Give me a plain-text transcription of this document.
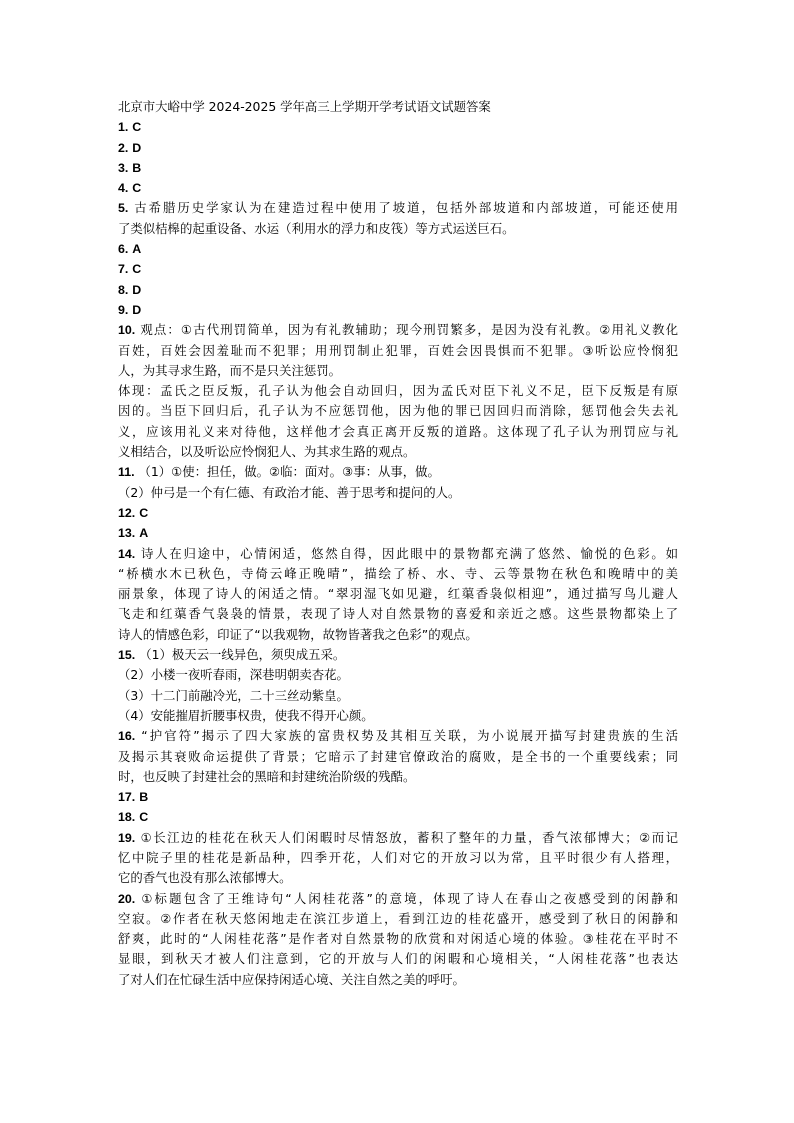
北京市大峪中学 2024-2025 学年高三上学期开学考试语文试题答案
1. C
2. D
3. B
4. C
5. 古希腊历史学家认为在建造过程中使用了坡道，包括外部坡道和内部坡道，可能还使用
了类似桔槔的起重设备、水运（利用水的浮力和皮筏）等方式运送巨石。
6. A
7. C
8. D
9. D
10. 观点：①古代刑罚简单，因为有礼教辅助；现今刑罚繁多，是因为没有礼教。②用礼义教化
百姓，百姓会因羞耻而不犯罪；用刑罚制止犯罪，百姓会因畏惧而不犯罪。③听讼应怜悯犯
人，为其寻求生路，而不是只关注惩罚。
体现：孟氏之臣反叛，孔子认为他会自动回归，因为孟氏对臣下礼义不足，臣下反叛是有原
因的。当臣下回归后，孔子认为不应惩罚他，因为他的罪已因回归而消除，惩罚他会失去礼
义，应该用礼义来对待他，这样他才会真正离开反叛的道路。这体现了孔子认为刑罚应与礼
义相结合，以及听讼应怜悯犯人、为其求生路的观点。
11. （1）①使：担任，做。②临：面对。③事：从事，做。
（2）仲弓是一个有仁德、有政治才能、善于思考和提问的人。
12. C
13. A
14. 诗人在归途中，心情闲适，悠然自得，因此眼中的景物都充满了悠然、愉悦的色彩。如
“桥横水木已秋色，寺倚云峰正晚晴”，描绘了桥、水、寺、云等景物在秋色和晚晴中的美
丽景象，体现了诗人的闲适之情。“翠羽湿飞如见避，红蕖香袅似相迎”，通过描写鸟儿避人
飞走和红蕖香气袅袅的情景，表现了诗人对自然景物的喜爱和亲近之感。这些景物都染上了
诗人的情感色彩，印证了“以我观物，故物皆著我之色彩”的观点。
15. （1）极天云一线异色，须臾成五采。
（2）小楼一夜听春雨，深巷明朝卖杏花。
（3）十二门前融冷光，二十三丝动紫皇。
（4）安能摧眉折腰事权贵，使我不得开心颜。
16. “护官符”揭示了四大家族的富贵权势及其相互关联，为小说展开描写封建贵族的生活
及揭示其衰败命运提供了背景；它暗示了封建官僚政治的腐败，是全书的一个重要线索；同
时，也反映了封建社会的黑暗和封建统治阶级的残酷。
17. B
18. C
19. ①长江边的桂花在秋天人们闲暇时尽情怒放，蓄积了整年的力量，香气浓郁博大；②而记
忆中院子里的桂花是新品种，四季开花，人们对它的开放习以为常，且平时很少有人搭理，
它的香气也没有那么浓郁博大。
20. ①标题包含了王维诗句“人闲桂花落”的意境，体现了诗人在春山之夜感受到的闲静和
空寂。②作者在秋天悠闲地走在滨江步道上，看到江边的桂花盛开，感受到了秋日的闲静和
舒爽，此时的“人闲桂花落”是作者对自然景物的欣赏和对闲适心境的体验。③桂花在平时不
显眼，到秋天才被人们注意到，它的开放与人们的闲暇和心境相关，“人闲桂花落”也表达
了对人们在忙碌生活中应保持闲适心境、关注自然之美的呼吁。
